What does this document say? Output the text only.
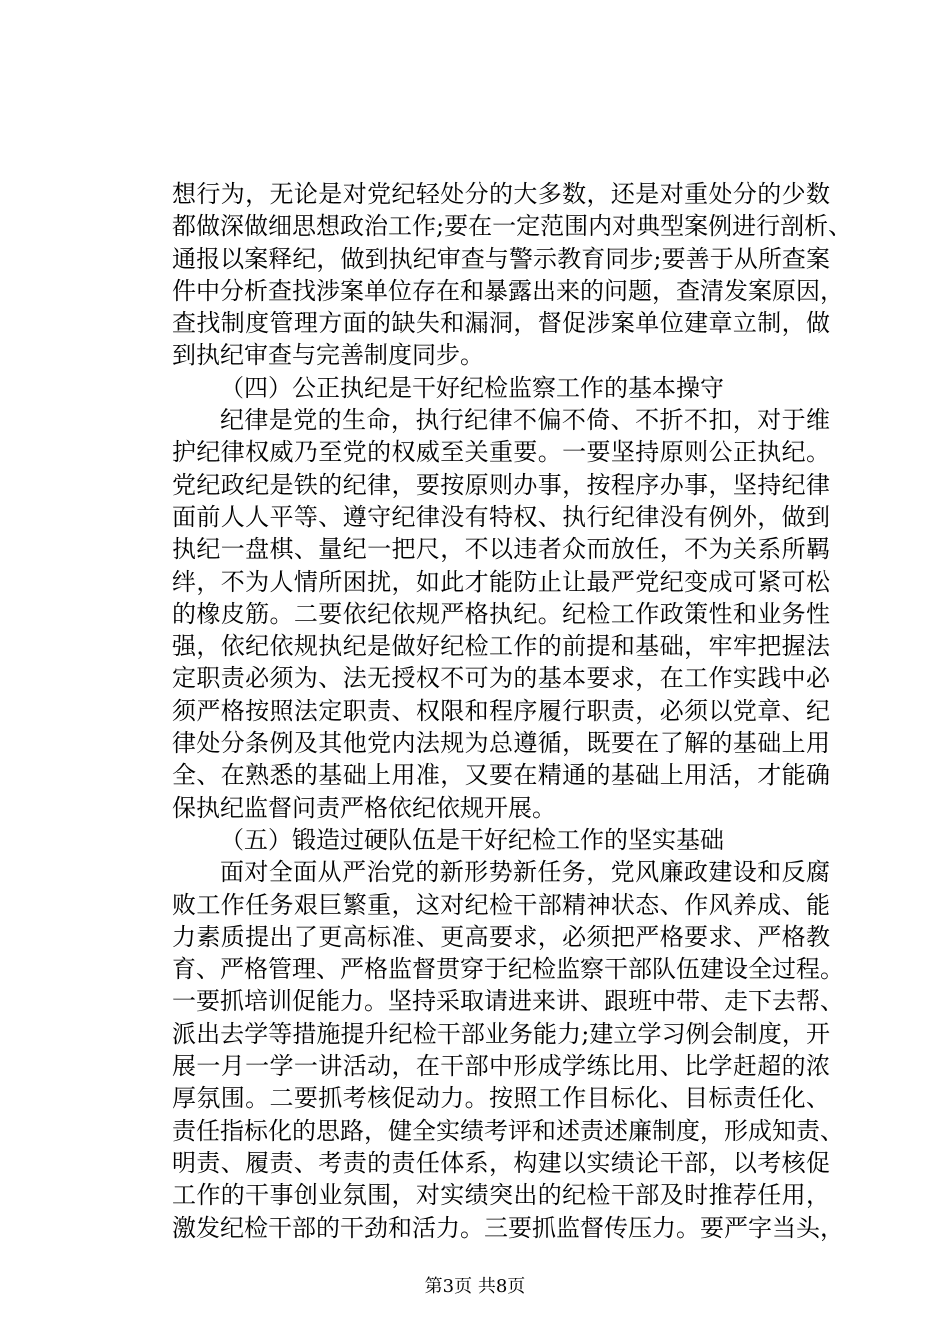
想行为，无论是对党纪轻处分的大多数，还是对重处分的少数
都做深做细思想政治工作;要在一定范围内对典型案例进行剖析、
通报以案释纪，做到执纪审查与警示教育同步;要善于从所查案
件中分析查找涉案单位存在和暴露出来的问题，查清发案原因，
查找制度管理方面的缺失和漏洞，督促涉案单位建章立制，做
到执纪审查与完善制度同步。
（四）公正执纪是干好纪检监察工作的基本操守
纪律是党的生命，执行纪律不偏不倚、不折不扣，对于维
护纪律权威乃至党的权威至关重要。一要坚持原则公正执纪。
党纪政纪是铁的纪律，要按原则办事，按程序办事，坚持纪律
面前人人平等、遵守纪律没有特权、执行纪律没有例外，做到
执纪一盘棋、量纪一把尺，不以违者众而放任，不为关系所羁
绊，不为人情所困扰，如此才能防止让最严党纪变成可紧可松
的橡皮筋。二要依纪依规严格执纪。纪检工作政策性和业务性
强，依纪依规执纪是做好纪检工作的前提和基础，牢牢把握法
定职责必须为、法无授权不可为的基本要求，在工作实践中必
须严格按照法定职责、权限和程序履行职责，必须以党章、纪
律处分条例及其他党内法规为总遵循，既要在了解的基础上用
全、在熟悉的基础上用准，又要在精通的基础上用活，才能确
保执纪监督问责严格依纪依规开展。
（五）锻造过硬队伍是干好纪检工作的坚实基础
面对全面从严治党的新形势新任务，党风廉政建设和反腐
败工作任务艰巨繁重，这对纪检干部精神状态、作风养成、能
力素质提出了更高标准、更高要求，必须把严格要求、严格教
育、严格管理、严格监督贯穿于纪检监察干部队伍建设全过程。
一要抓培训促能力。坚持采取请进来讲、跟班中带、走下去帮、
派出去学等措施提升纪检干部业务能力;建立学习例会制度，开
展一月一学一讲活动，在干部中形成学练比用、比学赶超的浓
厚氛围。二要抓考核促动力。按照工作目标化、目标责任化、
责任指标化的思路，健全实绩考评和述责述廉制度，形成知责、
明责、履责、考责的责任体系，构建以实绩论干部，以考核促
工作的干事创业氛围，对实绩突出的纪检干部及时推荐任用，
激发纪检干部的干劲和活力。三要抓监督传压力。要严字当头，
第3页 共8页
